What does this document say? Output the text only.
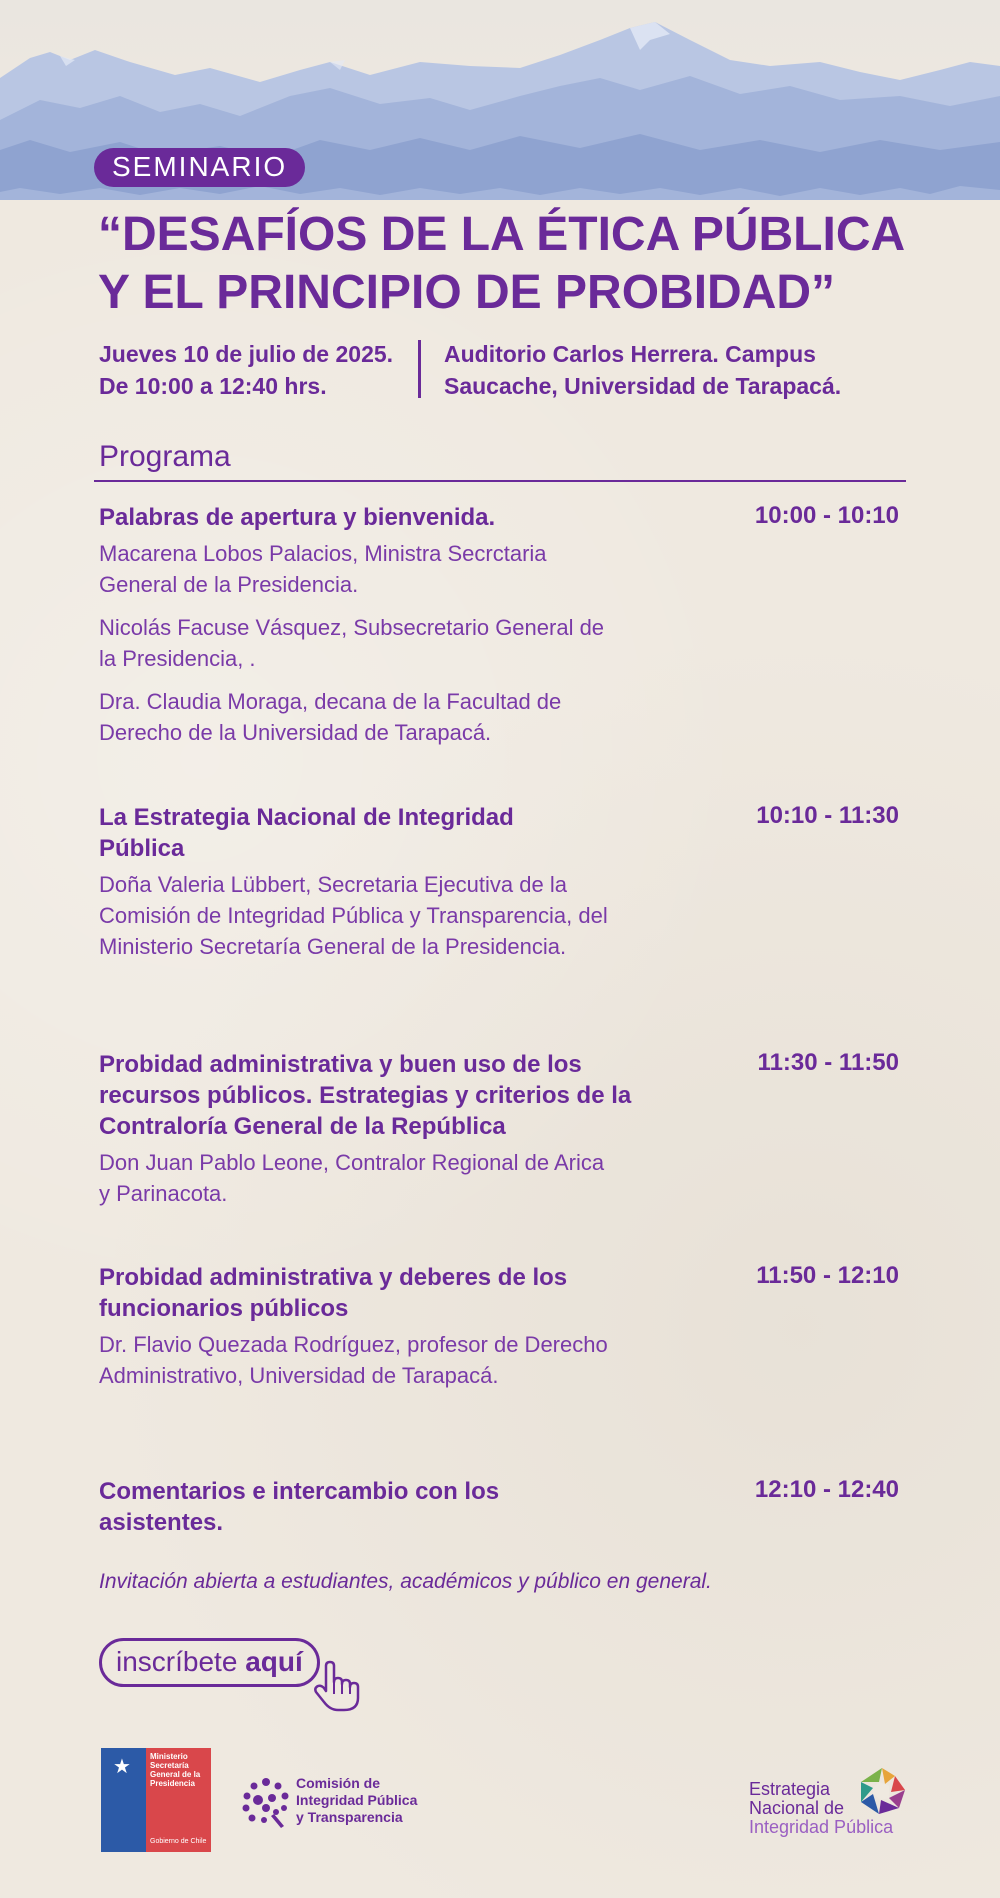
SEMINARIO
“DESAFÍOS DE LA ÉTICA PÚBLICA
Y EL PRINCIPIO DE PROBIDAD”
Jueves 10 de julio de 2025.
De 10:00 a 12:40 hrs.
Auditorio Carlos Herrera. Campus
Saucache, Universidad de Tarapacá.
Programa
Palabras de apertura y bienvenida.	10:00 - 10:10
Macarena Lobos Palacios, Ministra Secrctaria General de la Presidencia.
Nicolás Facuse Vásquez, Subsecretario General de la Presidencia, .
Dra. Claudia Moraga, decana de la Facultad de Derecho de la Universidad de Tarapacá.
La Estrategia Nacional de Integridad Pública
10:10 - 11:30
Doña Valeria Lübbert, Secretaria Ejecutiva de la Comisión de Integridad Pública y Transparencia, del Ministerio Secretaría General de la Presidencia.
Probidad administrativa y buen uso de los recursos públicos. Estrategias y criterios de la Contraloría General de la República
11:30 - 11:50
Don Juan Pablo Leone, Contralor Regional de Arica y Parinacota.
Probidad administrativa y deberes de los funcionarios públicos
11:50 - 12:10
Dr. Flavio Quezada Rodríguez, profesor de Derecho Administrativo, Universidad de Tarapacá.
Comentarios e intercambio con los asistentes.
12:10 - 12:40
Invitación abierta a estudiantes, académicos y público en general.
inscríbete aquí
★ Ministerio
Secretaría
General de la
Presidencia
Gobierno de Chile
Comisión de
Integridad Pública
y Transparencia
Estrategia
Nacional de
Integridad Pública
